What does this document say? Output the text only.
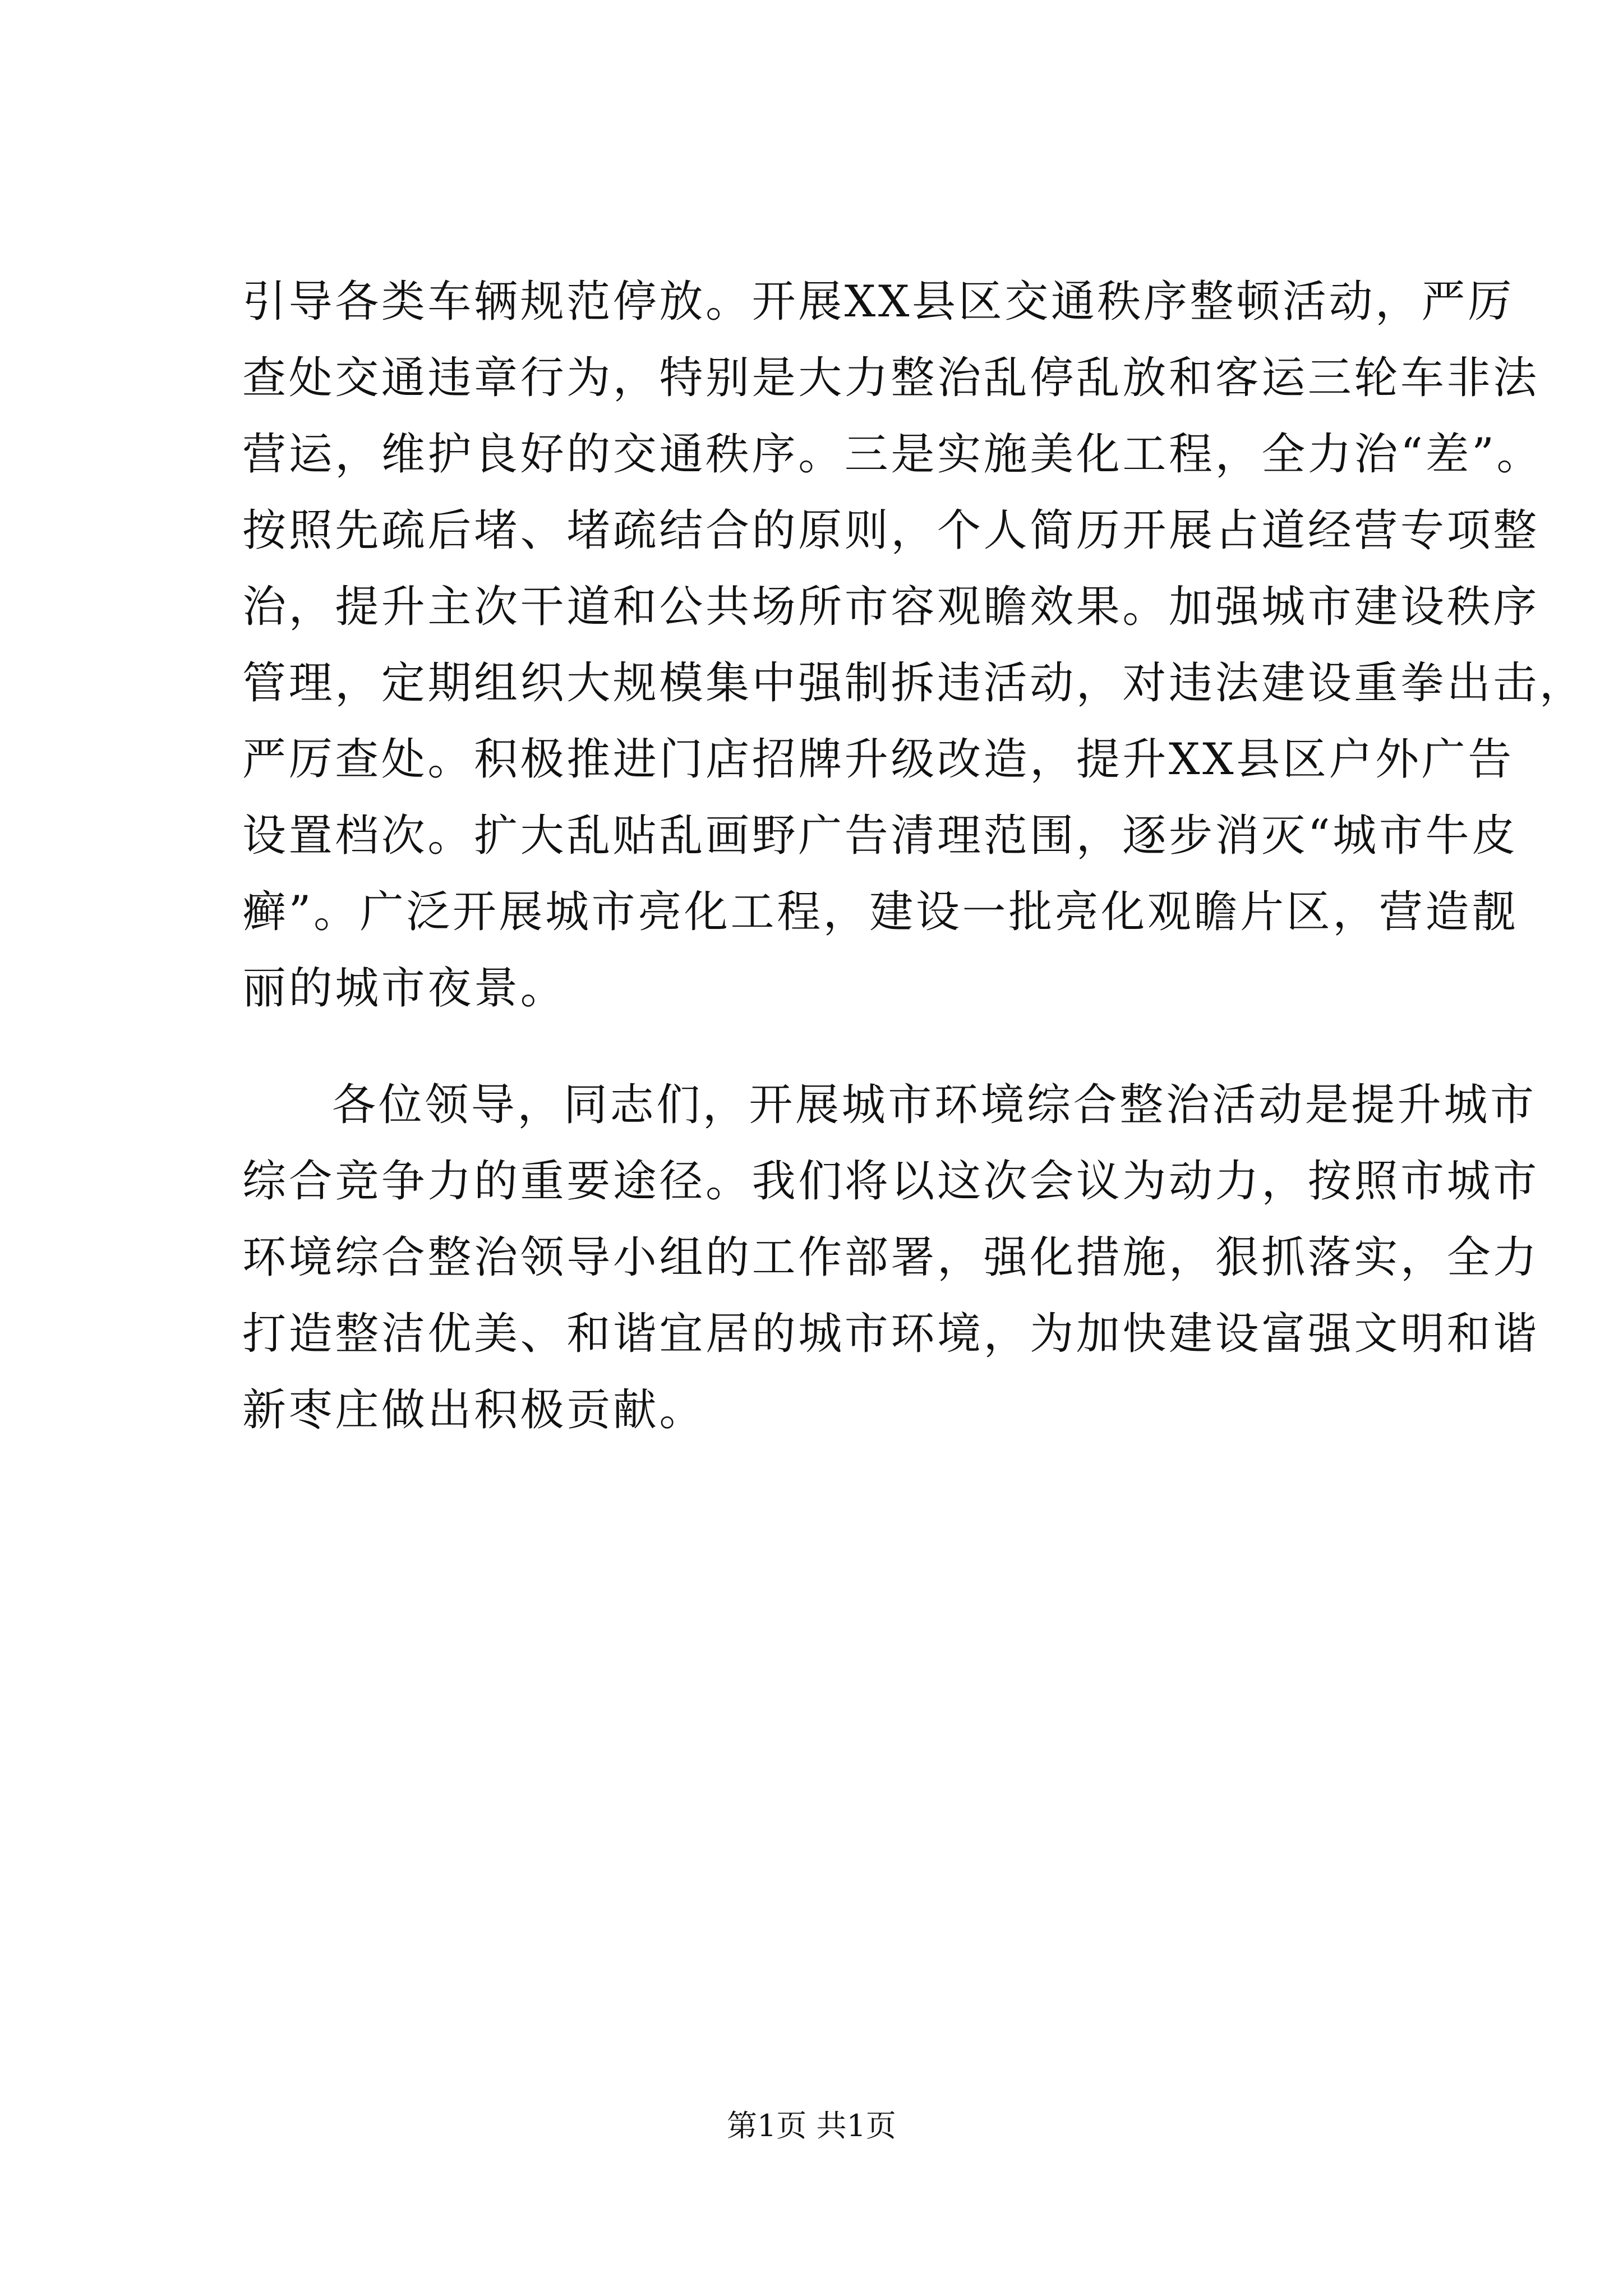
引导各类车辆规范停放。开展XX县区交通秩序整顿活动，严厉
查处交通违章行为，特别是大力整治乱停乱放和客运三轮车非法
营运，维护良好的交通秩序。三是实施美化工程，全力治“差”。
按照先疏后堵、堵疏结合的原则，个人简历开展占道经营专项整
治，提升主次干道和公共场所市容观瞻效果。加强城市建设秩序
管理，定期组织大规模集中强制拆违活动，对违法建设重拳出击，
严厉查处。积极推进门店招牌升级改造，提升XX县区户外广告
设置档次。扩大乱贴乱画野广告清理范围，逐步消灭“城市牛皮
癣”。广泛开展城市亮化工程，建设一批亮化观瞻片区，营造靓
丽的城市夜景。
各位领导，同志们，开展城市环境综合整治活动是提升城市
综合竞争力的重要途径。我们将以这次会议为动力，按照市城市
环境综合整治领导小组的工作部署，强化措施，狠抓落实，全力
打造整洁优美、和谐宜居的城市环境，为加快建设富强文明和谐
新枣庄做出积极贡献。
第1页 共1页
